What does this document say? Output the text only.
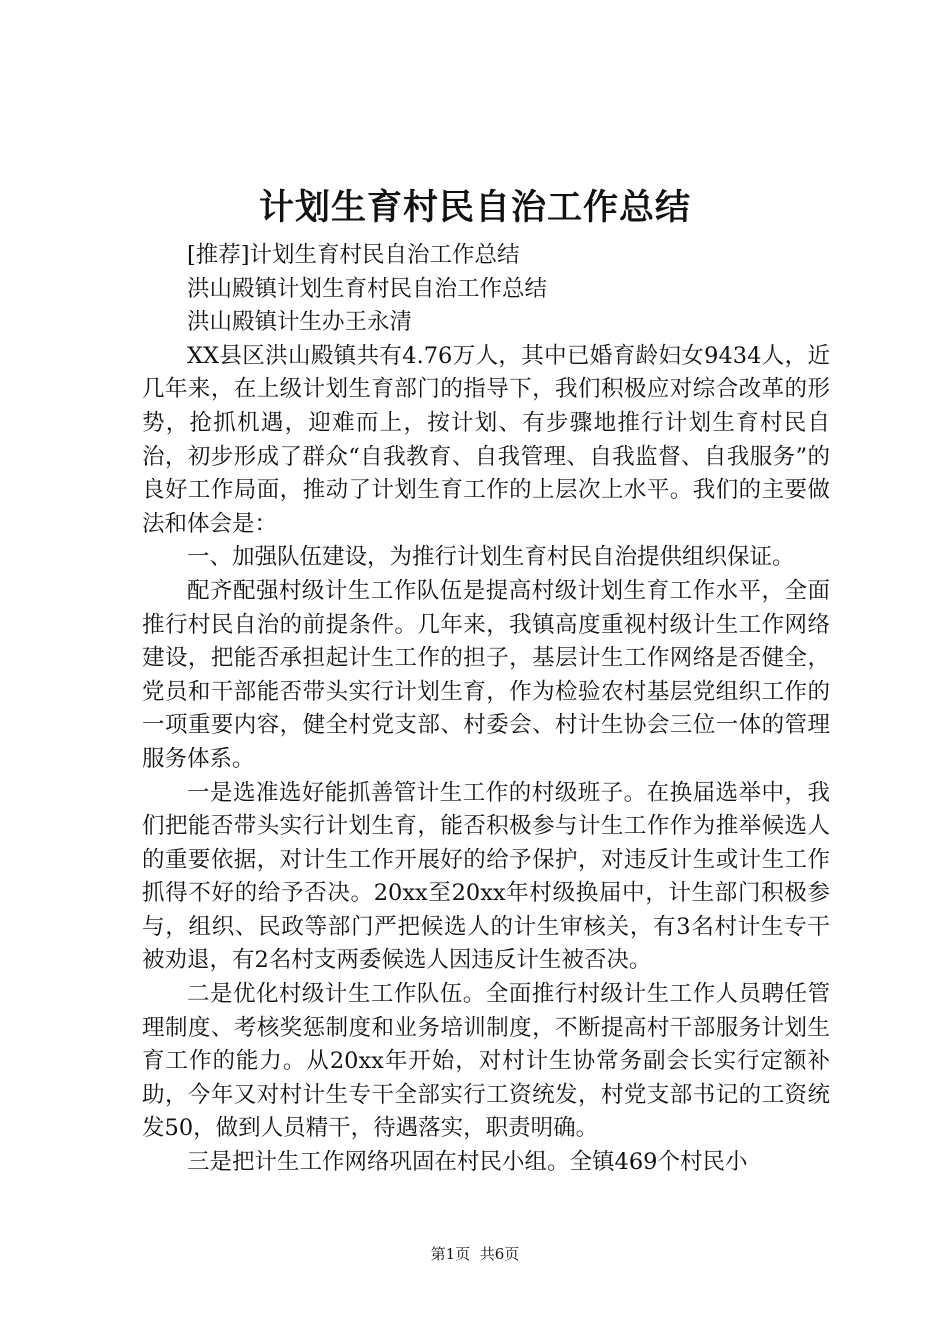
计划生育村民自治工作总结

[推荐]计划生育村民自治工作总结

洪山殿镇计划生育村民自治工作总结

洪山殿镇计生办王永清

XX县区洪山殿镇共有4.76万人，其中已婚育龄妇女9434人，近几年来，在上级计划生育部门的指导下，我们积极应对综合改革的形势，抢抓机遇，迎难而上，按计划、有步骤地推行计划生育村民自治，初步形成了群众“自我教育、自我管理、自我监督、自我服务”的良好工作局面，推动了计划生育工作的上层次上水平。我们的主要做法和体会是：

一、加强队伍建设，为推行计划生育村民自治提供组织保证。

配齐配强村级计生工作队伍是提高村级计划生育工作水平，全面推行村民自治的前提条件。几年来，我镇高度重视村级计生工作网络建设，把能否承担起计生工作的担子，基层计生工作网络是否健全，党员和干部能否带头实行计划生育，作为检验农村基层党组织工作的一项重要内容，健全村党支部、村委会、村计生协会三位一体的管理服务体系。

一是选准选好能抓善管计生工作的村级班子。在换届选举中，我们把能否带头实行计划生育，能否积极参与计生工作作为推举候选人的重要依据，对计生工作开展好的给予保护，对违反计生或计生工作抓得不好的给予否决。20xx至20xx年村级换届中，计生部门积极参与，组织、民政等部门严把候选人的计生审核关，有3名村计生专干被劝退，有2名村支两委候选人因违反计生被否决。

二是优化村级计生工作队伍。全面推行村级计生工作人员聘任管理制度、考核奖惩制度和业务培训制度，不断提高村干部服务计划生育工作的能力。从20xx年开始，对村计生协常务副会长实行定额补助，今年又对村计生专干全部实行工资统发，村党支部书记的工资统发50，做到人员精干，待遇落实，职责明确。

三是把计生工作网络巩固在村民小组。全镇469个村民小

第1页 共6页
